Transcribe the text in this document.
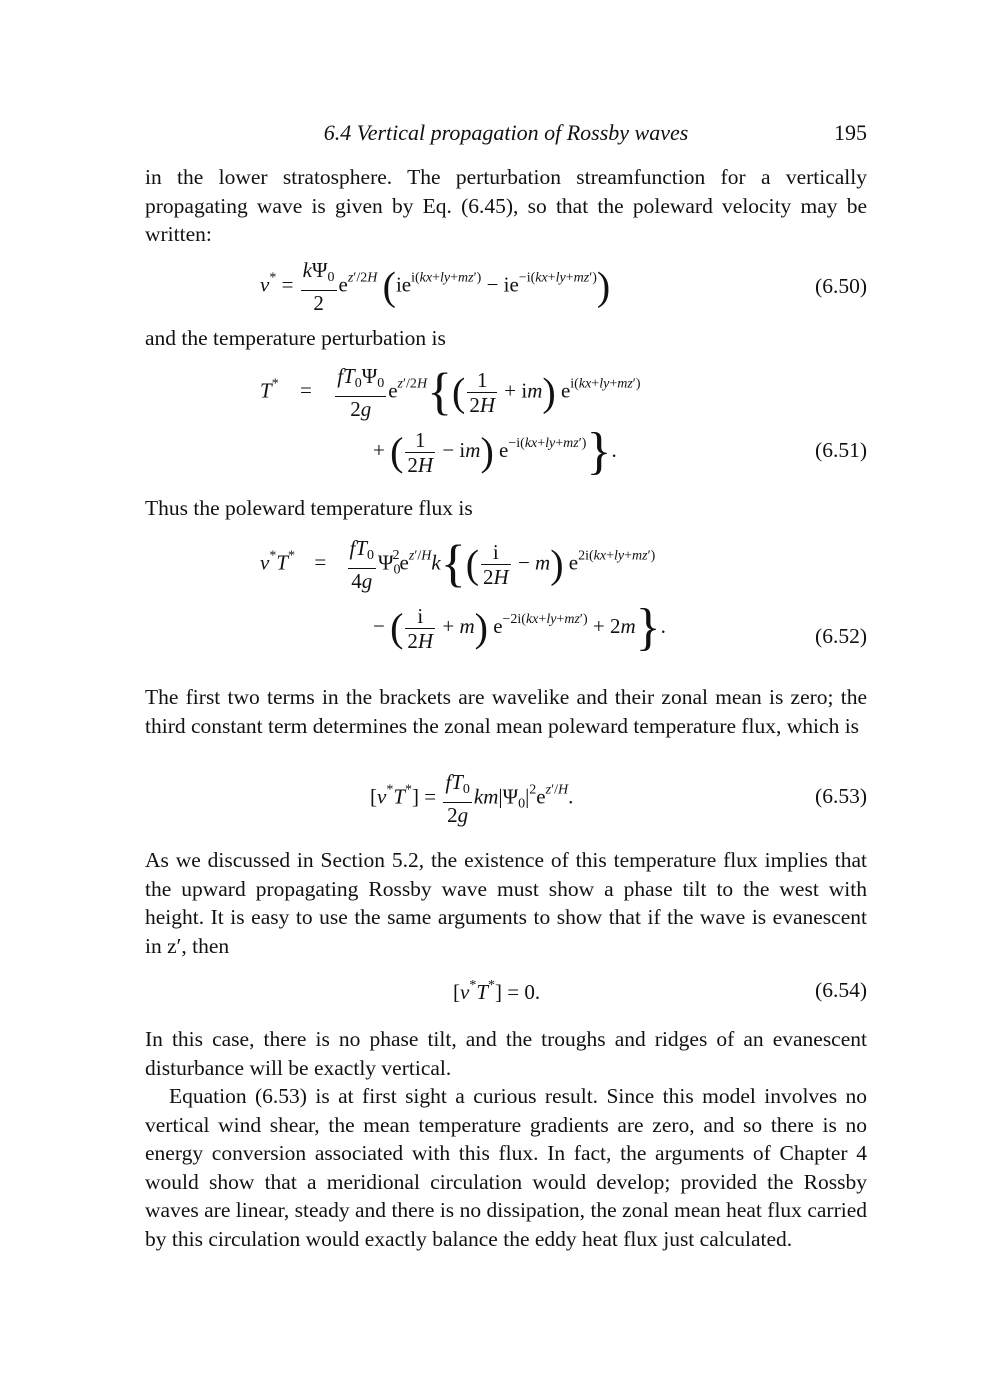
6.4 Vertical propagation of Rossby waves	195

in the lower stratosphere. The perturbation streamfunction for a vertically propagating wave is given by Eq. (6.45), so that the poleward velocity may be written:

$v^* = \frac{k\Psi_0}{2} e^{z'/2H}$ $(ie^{i(kx+ly+mz')} - ie^{-i(kx+ly+mz')})$	(6.50)

and the temperature perturbation is

$T^* = \frac{fT_0\Psi_0}{2g} e^{z'/2H}\{( \frac{1}{2H} + im)$ $e^{i(kx+ly+mz')}$
+ ( $\frac{1}{2H} - im$) $e^{-i(kx+ly+mz')}$}.	(6.51)

Thus the poleward temperature flux is

$v^*T^* = \frac{fT_0}{4g} \Psi_0^2e^{z'/H}k\{( \frac{i}{2H} - m)$ $e^{2i(kx+ly+mz')}$
− ( $\frac{i}{2H} + m$) $e^{-2i(kx+ly+mz')} + 2m$}.	(6.52)

The first two terms in the brackets are wavelike and their zonal mean is zero; the third constant term determines the zonal mean poleward temperature flux, which is

$[v^*T^*] = \frac{fT_0}{2g} km|\Psi_0|^2e^{z'/H}$.	(6.53)

As we discussed in Section 5.2, the existence of this temperature flux implies that the upward propagating Rossby wave must show a phase tilt to the west with height. It is easy to use the same arguments to show that if the wave is evanescent in z′, then

[v*T*] = 0.	(6.54)

In this case, there is no phase tilt, and the troughs and ridges of an evanescent disturbance will be exactly vertical.

Equation (6.53) is at first sight a curious result. Since this model involves no vertical wind shear, the mean temperature gradients are zero, and so there is no energy conversion associated with this flux. In fact, the arguments of Chapter 4 would show that a meridional circulation would develop; provided the Rossby waves are linear, steady and there is no dissipation, the zonal mean heat flux carried by this circulation would exactly balance the eddy heat flux just calculated.
